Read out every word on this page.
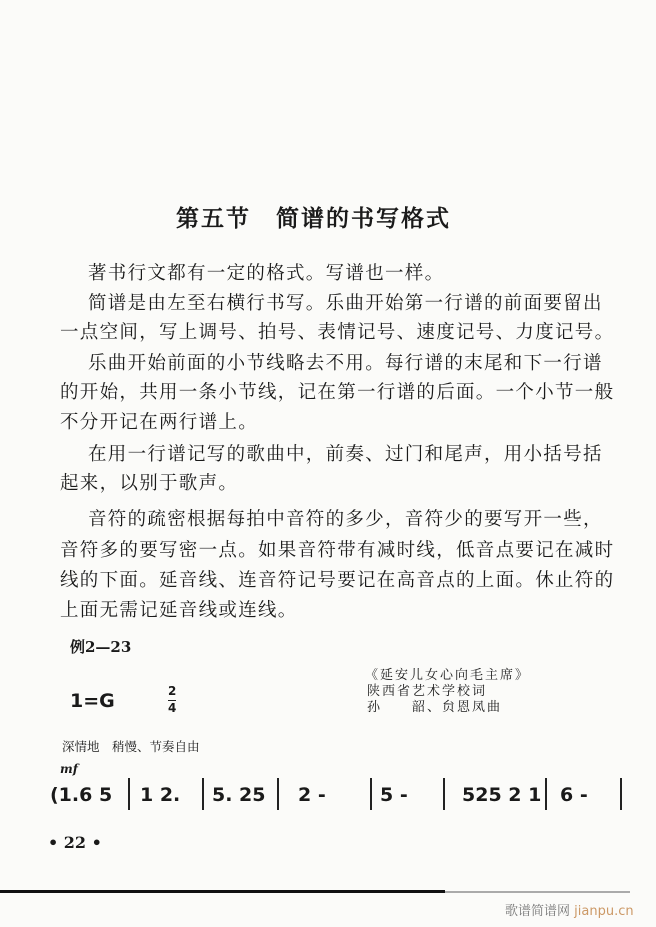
第五节　简谱的书写格式
著书行文都有一定的格式。写谱也一样。
简谱是由左至右横行书写。乐曲开始第一行谱的前面要留出
一点空间，写上调号、拍号、表情记号、速度记号、力度记号。
乐曲开始前面的小节线略去不用。每行谱的末尾和下一行谱
的开始，共用一条小节线，记在第一行谱的后面。一个小节一般
不分开记在两行谱上。
在用一行谱记写的歌曲中，前奏、过门和尾声，用小括号括
起来，以别于歌声。
音符的疏密根据每拍中音符的多少，音符少的要写开一些，
音符多的要写密一点。如果音符带有减时线，低音点要记在减时
线的下面。延音线、连音符记号要记在高音点的上面。休止符的
上面无需记延音线或连线。
例2—23
1=G	2
4
《延安儿女心向毛主席》
陕西省艺术学校词
孙　　韶、贠恩凤曲
深情地　稍慢、节奏自由
mf
(1.6 5 1 2. 5. 25 2 -	5 -	525 2 1 6 -
• 22 •
歌谱简谱网 jianpu.cn
